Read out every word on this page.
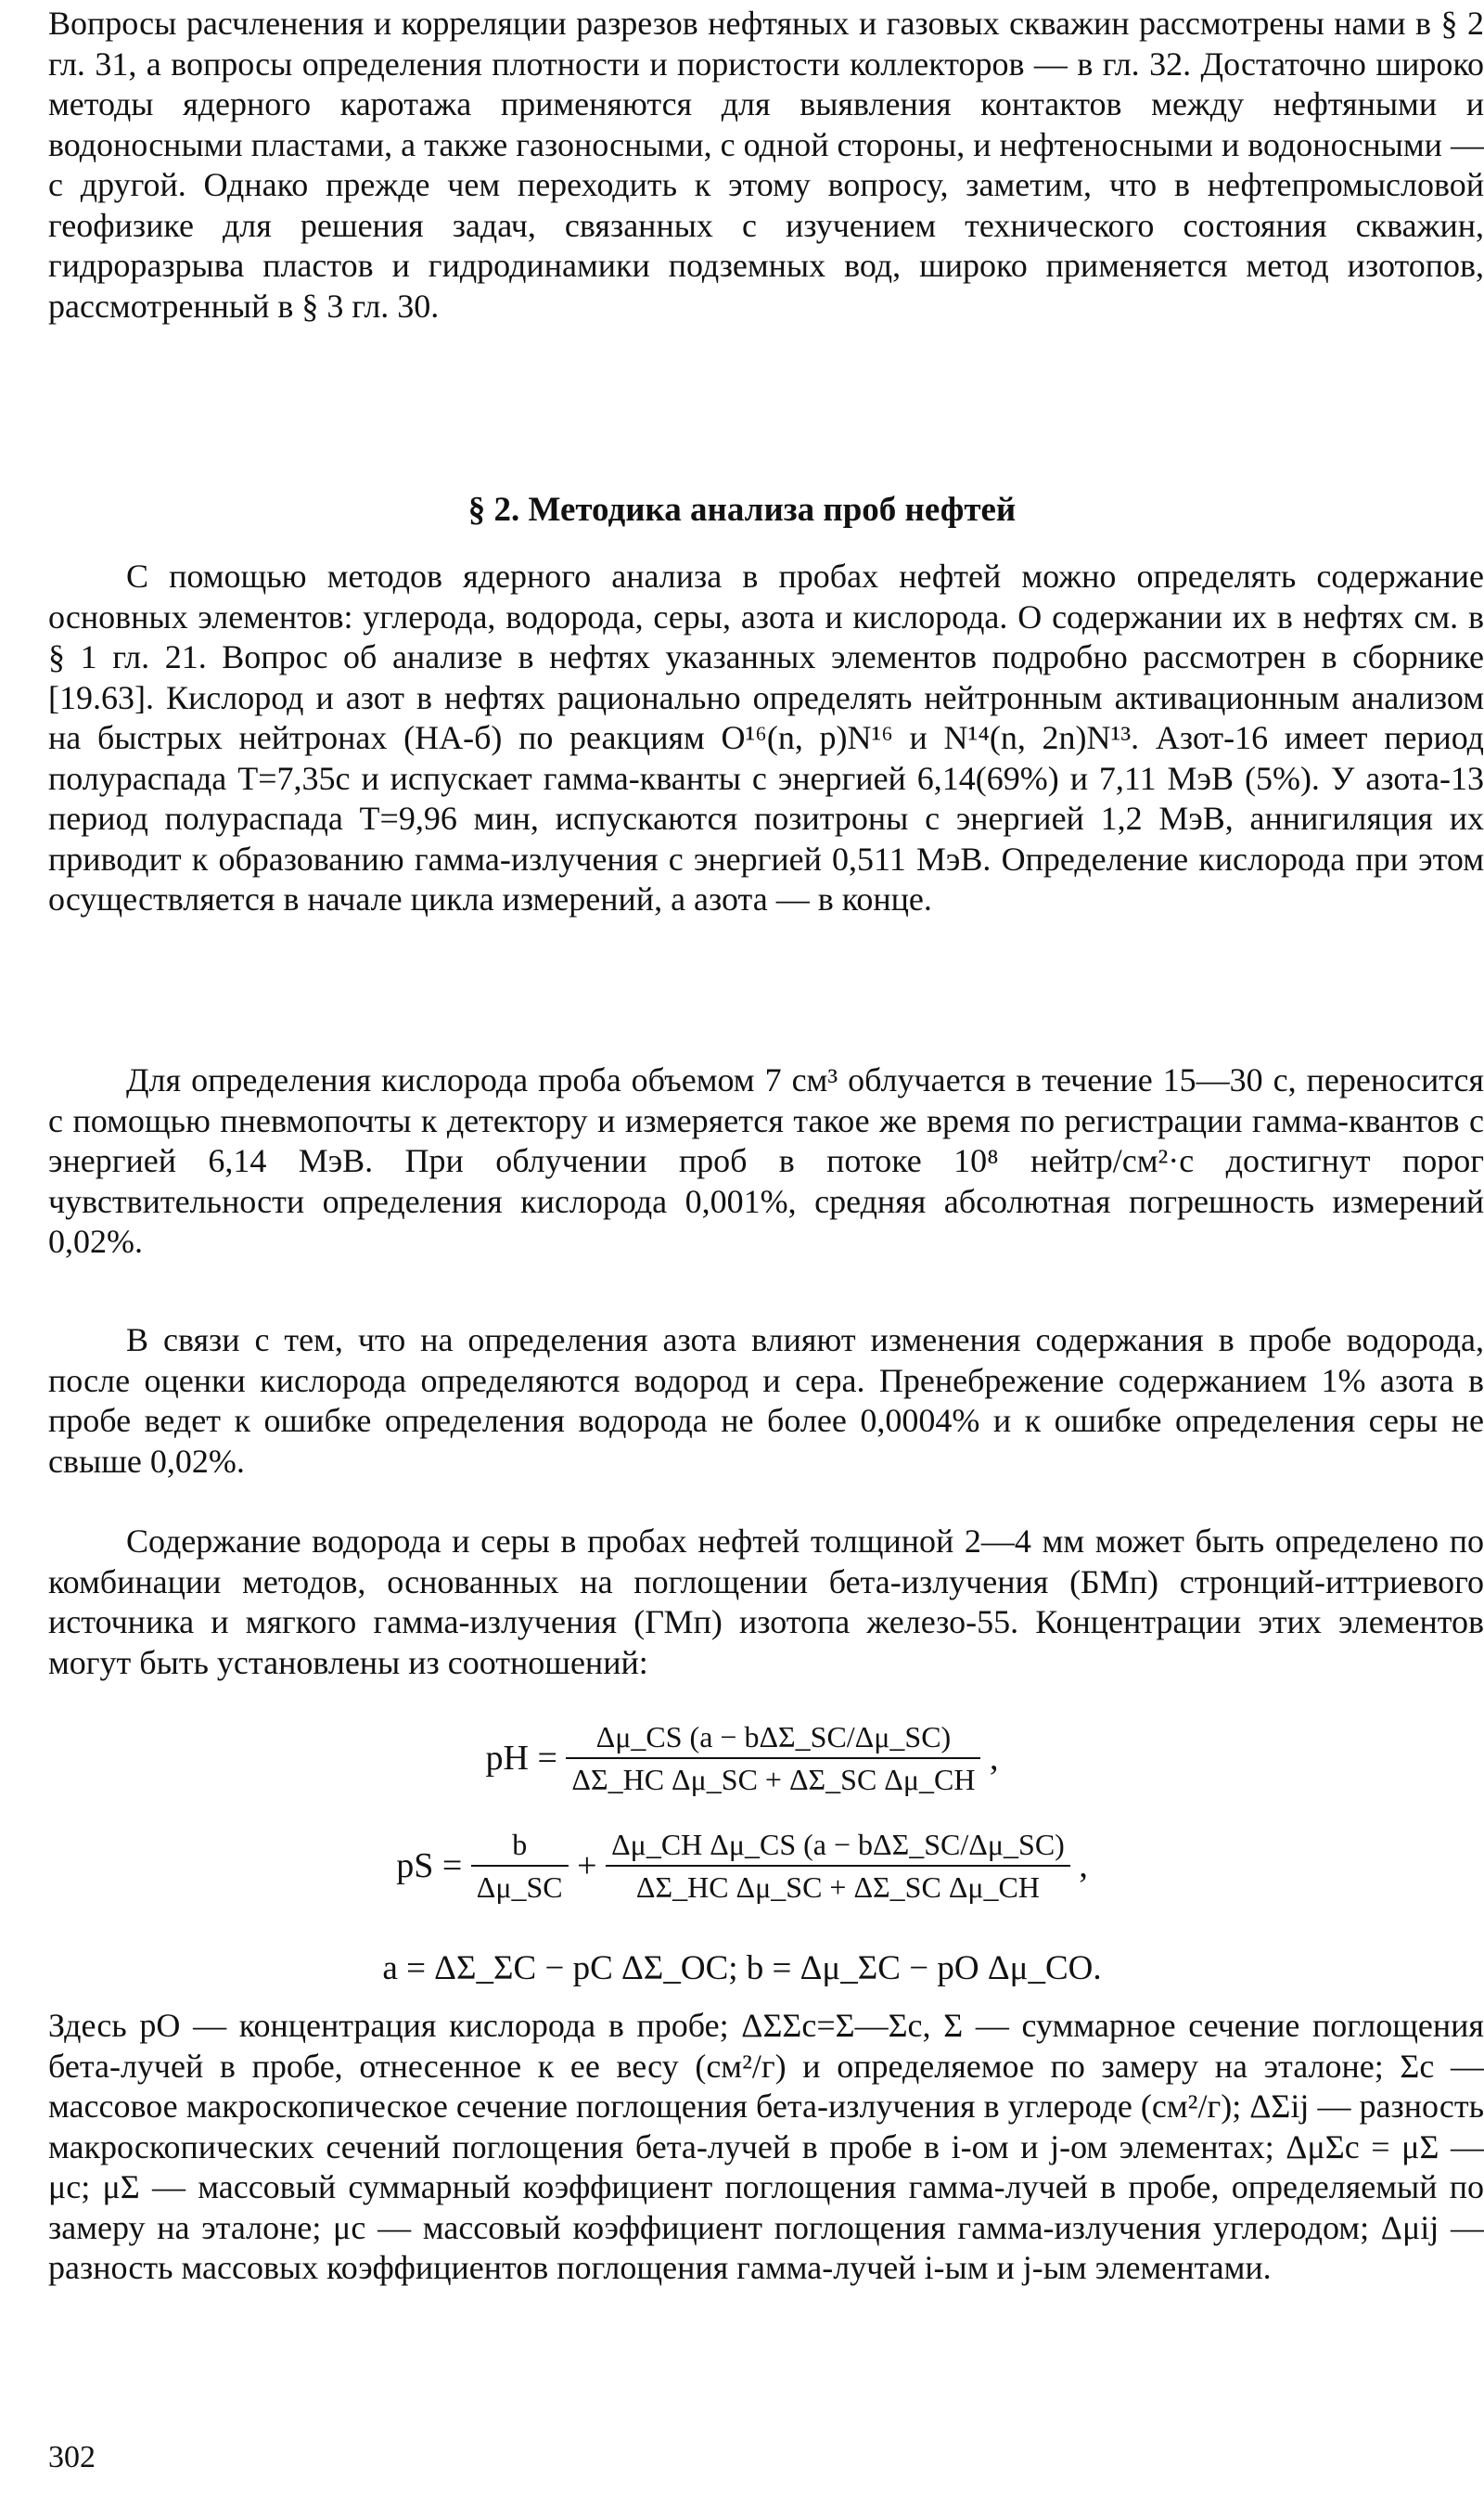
Вопросы расчленения и корреляции разрезов нефтяных и газовых скважин рассмотрены нами в § 2 гл. 31, а вопросы определения плотности и пористости коллекторов — в гл. 32. Достаточно широко методы ядерного каротажа применяются для выявления контактов между нефтяными и водоносными пластами, а также газоносными, с одной стороны, и нефтеносными и водоносными — с другой. Однако прежде чем переходить к этому вопросу, заметим, что в нефтепромысловой геофизике для решения задач, связанных с изучением технического состояния скважин, гидроразрыва пластов и гидродинамики подземных вод, широко применяется метод изотопов, рассмотренный в § 3 гл. 30.

§ 2. Методика анализа проб нефтей

С помощью методов ядерного анализа в пробах нефтей можно определять содержание основных элементов: углерода, водорода, серы, азота и кислорода. О содержании их в нефтях см. в § 1 гл. 21. Вопрос об анализе в нефтях указанных элементов подробно рассмотрен в сборнике [19.63]. Кислород и азот в нефтях рационально определять нейтронным активационным анализом на быстрых нейтронах (НА-б) по реакциям O¹⁶(n, p)N¹⁶ и N¹⁴(n, 2n)N¹³. Азот-16 имеет период полураспада T=7,35с и испускает гамма-кванты с энергией 6,14(69%) и 7,11 МэВ (5%). У азота-13 период полураспада T=9,96 мин, испускаются позитроны с энергией 1,2 МэВ, аннигиляция их приводит к образованию гамма-излучения с энергией 0,511 МэВ. Определение кислорода при этом осуществляется в начале цикла измерений, а азота — в конце.

Для определения кислорода проба объемом 7 см³ облучается в течение 15—30 с, переносится с помощью пневмопочты к детектору и измеряется такое же время по регистрации гамма-квантов с энергией 6,14 МэВ. При облучении проб в потоке 10⁸ нейтр/см²·с достигнут порог чувствительности определения кислорода 0,001%, средняя абсолютная погрешность измерений 0,02%.

В связи с тем, что на определения азота влияют изменения содержания в пробе водорода, после оценки кислорода определяются водород и сера. Пренебрежение содержанием 1% азота в пробе ведет к ошибке определения водорода не более 0,0004% и к ошибке определения серы не свыше 0,02%.

Содержание водорода и серы в пробах нефтей толщиной 2—4 мм может быть определено по комбинации методов, основанных на поглощении бета-излучения (БМп) стронций-иттриевого источника и мягкого гамма-излучения (ГМп) изотопа железо-55. Концентрации этих элементов могут быть установлены из соотношений:

pH = $\frac{\text{Δμ\_CS (a − bΔΣ\_SC/Δμ\_SC)}}{\text{ΔΣ\_HC Δμ\_SC + ΔΣ\_SC Δμ\_CH}}$ ,
pS = $\frac{b}{\Delta\mu\_SC} + \frac{\text{Δμ\_CH Δμ\_CS (a − bΔΣ\_SC/Δμ\_SC)}}{\text{ΔΣ\_HC Δμ\_SC + ΔΣ\_SC Δμ\_CH}}$ ,
a = ΔΣ_ΣC − pC ΔΣ_OC; b = Δμ_ΣC − pO Δμ_CO.

Здесь pO — концентрация кислорода в пробе; ΔΣΣc=Σ—Σc, Σ — суммарное сечение поглощения бета-лучей в пробе, отнесенное к ее весу (см²/г) и определяемое по замеру на эталоне; Σc — массовое макроскопическое сечение поглощения бета-излучения в углероде (см²/г); ΔΣij — разность макроскопических сечений поглощения бета-лучей в пробе в i-ом и j-ом элементах; ΔμΣc = μΣ — μc; μΣ — массовый суммарный коэффициент поглощения гамма-лучей в пробе, определяемый по замеру на эталоне; μc — массовый коэффициент поглощения гамма-излучения углеродом; Δμij — разность массовых коэффициентов поглощения гамма-лучей i-ым и j-ым элементами.

302
